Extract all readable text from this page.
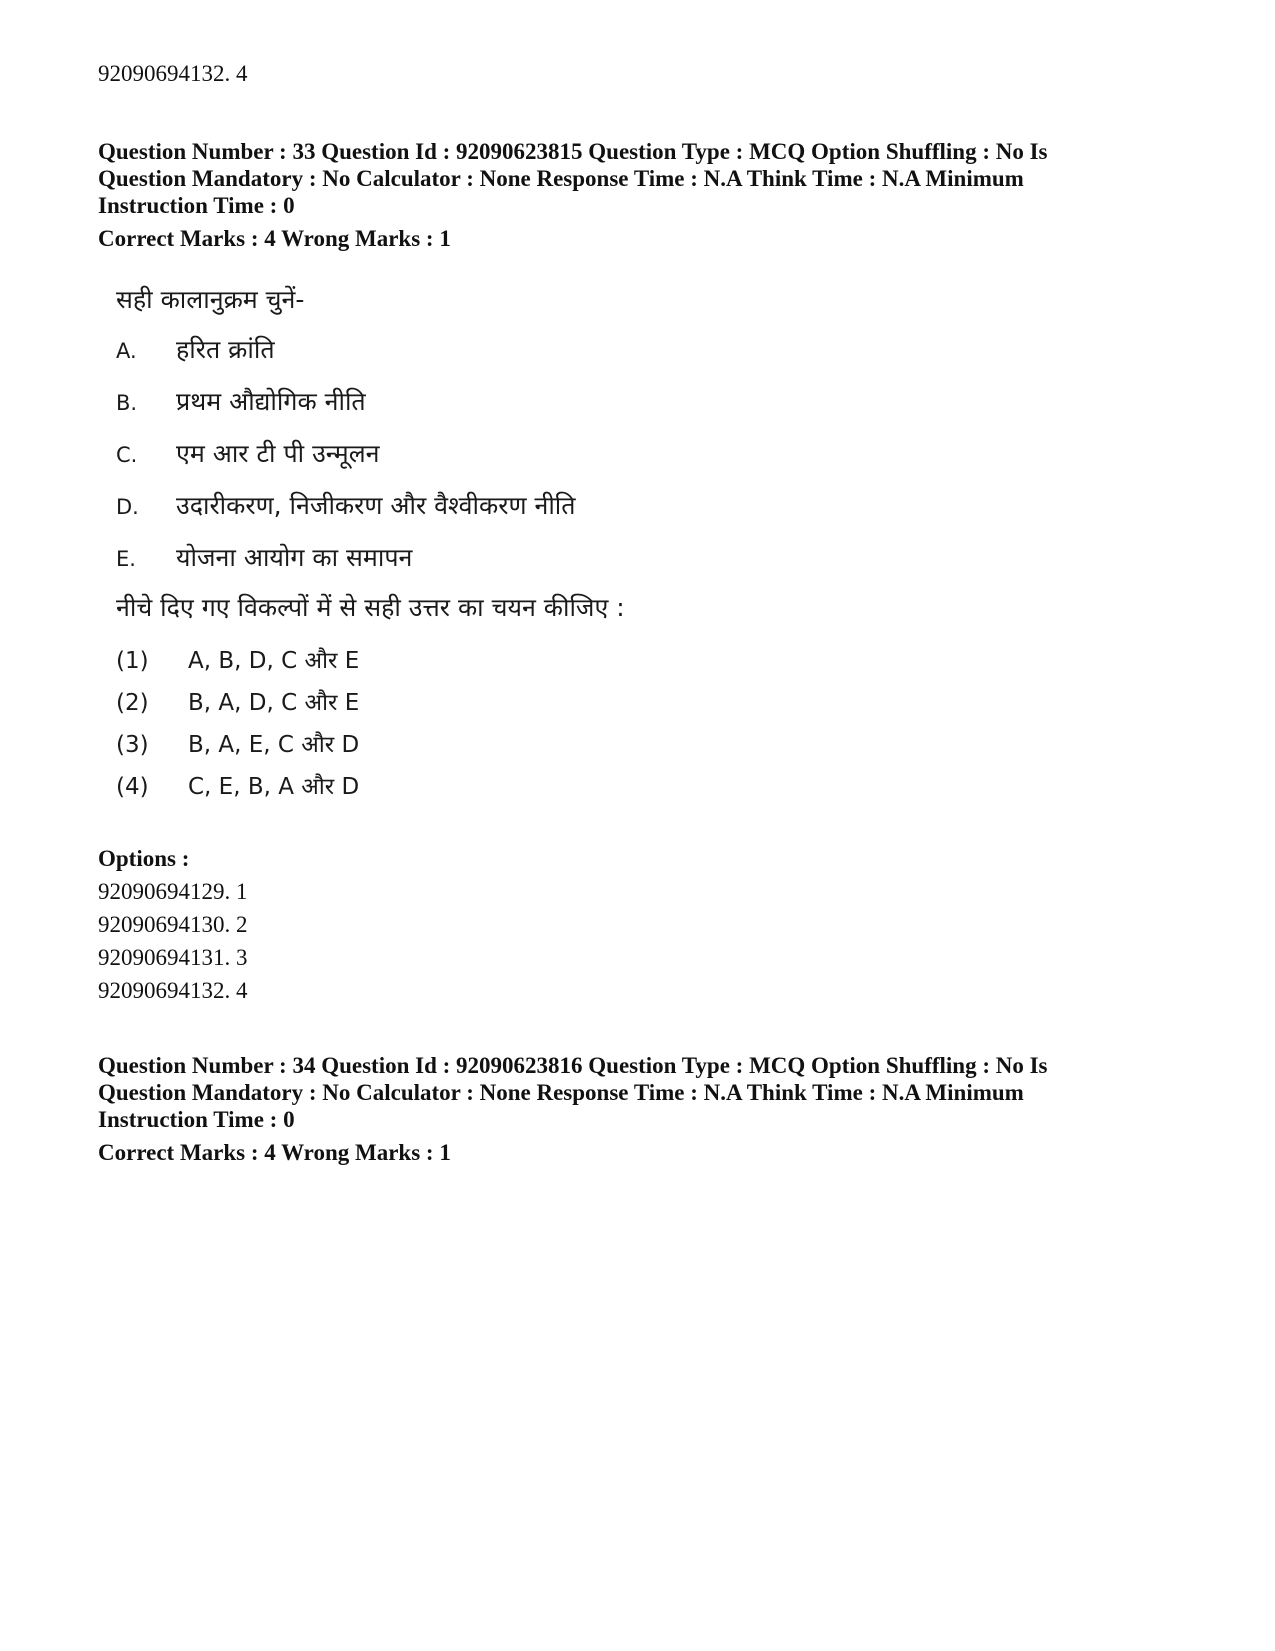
92090694132. 4
Question Number : 33 Question Id : 92090623815 Question Type : MCQ Option Shuffling : No Is
Question Mandatory : No Calculator : None Response Time : N.A Think Time : N.A Minimum
Instruction Time : 0
Correct Marks : 4 Wrong Marks : 1
सही कालानुक्रम चुनें-
A. हरित क्रांति
B. प्रथम औद्योगिक नीति
C. एम आर टी पी उन्मूलन
D. उदारीकरण, निजीकरण और वैश्वीकरण नीति
E. योजना आयोग का समापन
नीचे दिए गए विकल्पों में से सही उत्तर का चयन कीजिए :
(1) A, B, D, C और E
(2) B, A, D, C और E
(3) B, A, E, C और D
(4) C, E, B, A और D
Options :
92090694129. 1
92090694130. 2
92090694131. 3
92090694132. 4
Question Number : 34 Question Id : 92090623816 Question Type : MCQ Option Shuffling : No Is
Question Mandatory : No Calculator : None Response Time : N.A Think Time : N.A Minimum
Instruction Time : 0
Correct Marks : 4 Wrong Marks : 1
